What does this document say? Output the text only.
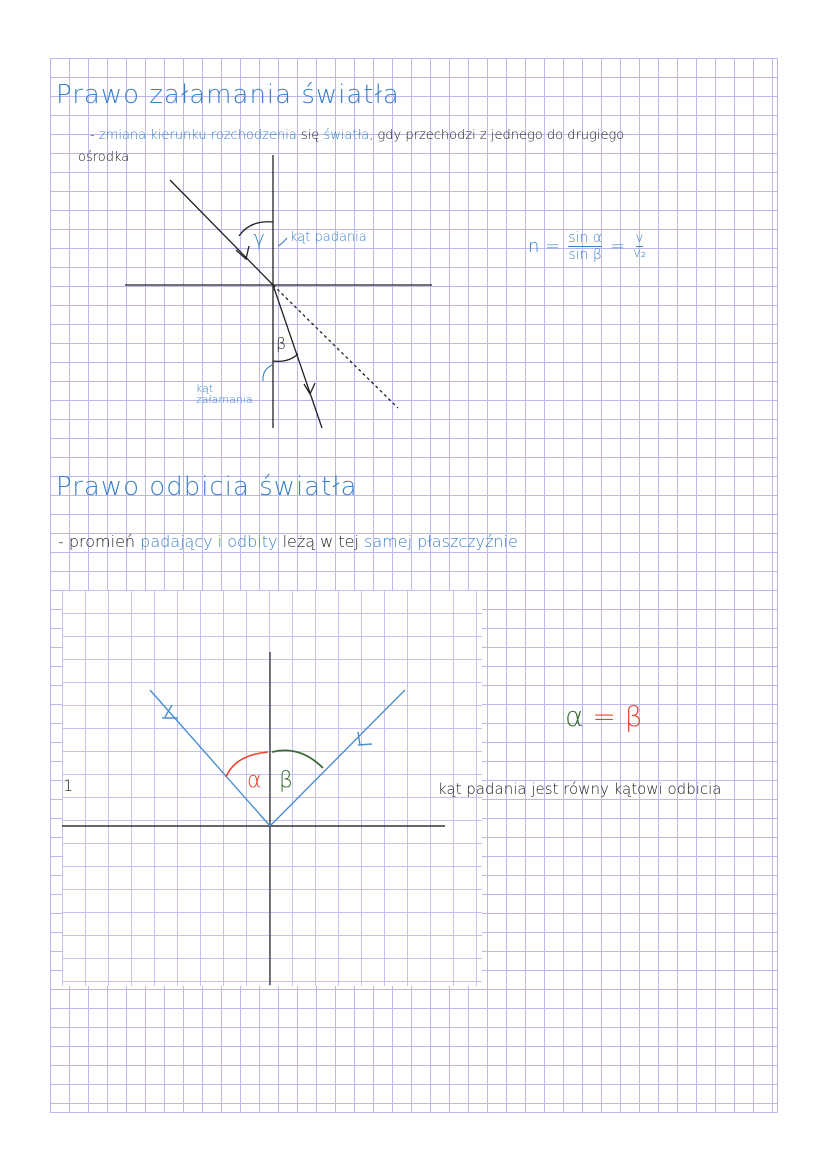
Prawo załamania światła
- zmiana kierunku rozchodzenia się światła, gdy przechodzi z jednego do drugiego
ośrodka
γ kąt padania
β
kąt
załamania
$n = \frac{\text{sin α}}{\text{sin β}} = \frac{v}{\text{v₂}}$
Prawo odbicia światła
- promień padający i odbity leżą w tej samej płaszczyźnie
α β
1
α = β
kąt padania jest równy kątowi odbicia
